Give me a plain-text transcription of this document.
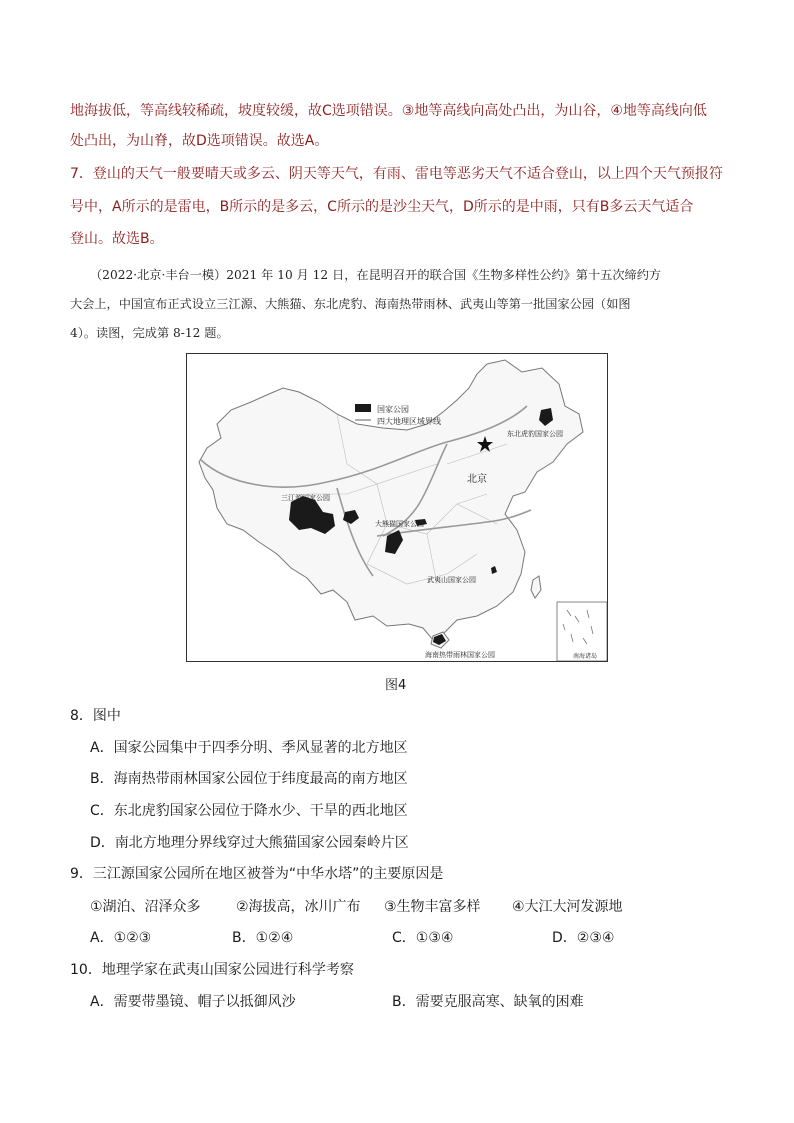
地海拔低，等高线较稀疏，坡度较缓，故C选项错误。③地等高线向高处凸出，为山谷，④地等高线向低
处凸出，为山脊，故D选项错误。故选A。
7．登山的天气一般要晴天或多云、阴天等天气，有雨、雷电等恶劣天气不适合登山，以上四个天气预报符
号中，A所示的是雷电，B所示的是多云，C所示的是沙尘天气，D所示的是中雨，只有B多云天气适合
登山。故选B。
（2022·北京·丰台一模）2021 年 10 月 12 日，在昆明召开的联合国《生物多样性公约》第十五次缔约方
大会上，中国宣布正式设立三江源、大熊猫、东北虎豹、海南热带雨林、武夷山等第一批国家公园（如图
4）。读图，完成第 8-12 题。
国家公园
四大地理区域界线
北京
东北虎豹国家公园
三江源国家公园
大熊猫国家公园
武夷山国家公园
海南热带雨林国家公园	南海诸岛
图4
8．图中
A．国家公园集中于四季分明、季风显著的北方地区
B．海南热带雨林国家公园位于纬度最高的南方地区
C．东北虎豹国家公园位于降水少、干旱的西北地区
D．南北方地理分界线穿过大熊猫国家公园秦岭片区
9．三江源国家公园所在地区被誉为“中华水塔”的主要原因是
①湖泊、沼泽众多	②海拔高，冰川广布 ③生物丰富多样 ④大江大河发源地
A．①②③	B．①②④	C．①③④	D．②③④
10．地理学家在武夷山国家公园进行科学考察
A．需要带墨镜、帽子以抵御风沙	B．需要克服高寒、缺氧的困难
